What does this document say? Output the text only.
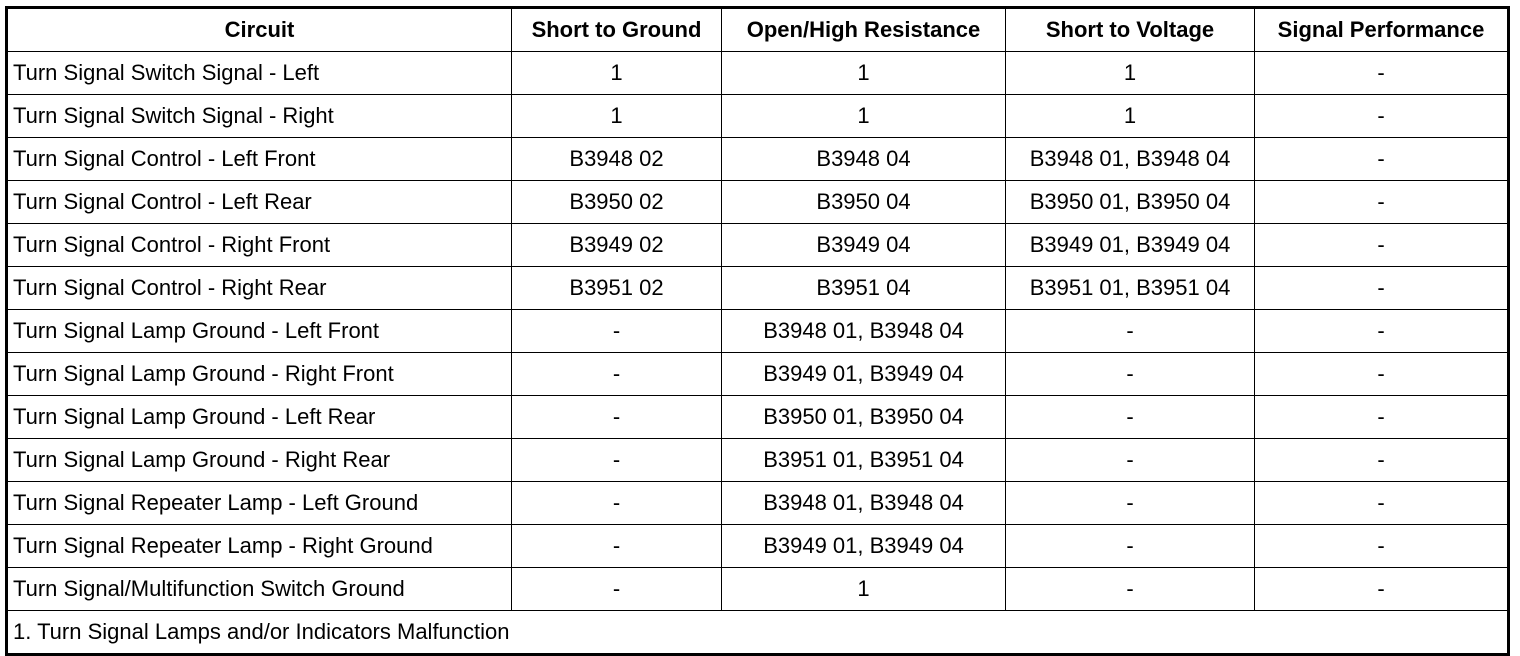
Circuit	Short to Ground	Open/High Resistance	Short to Voltage	Signal Performance
Turn Signal Switch Signal - Left	1	1	1	-
Turn Signal Switch Signal - Right	1	1	1	-
Turn Signal Control - Left Front	B3948 02	B3948 04	B3948 01, B3948 04	-
Turn Signal Control - Left Rear	B3950 02	B3950 04	B3950 01, B3950 04	-
Turn Signal Control - Right Front	B3949 02	B3949 04	B3949 01, B3949 04	-
Turn Signal Control - Right Rear	B3951 02	B3951 04	B3951 01, B3951 04	-
Turn Signal Lamp Ground - Left Front	-	B3948 01, B3948 04	-	-
Turn Signal Lamp Ground - Right Front	-	B3949 01, B3949 04	-	-
Turn Signal Lamp Ground - Left Rear	-	B3950 01, B3950 04	-	-
Turn Signal Lamp Ground - Right Rear	-	B3951 01, B3951 04	-	-
Turn Signal Repeater Lamp - Left Ground	-	B3948 01, B3948 04	-	-
Turn Signal Repeater Lamp - Right Ground	-	B3949 01, B3949 04	-	-
Turn Signal/Multifunction Switch Ground	-	1	-	-
1. Turn Signal Lamps and/or Indicators Malfunction				
